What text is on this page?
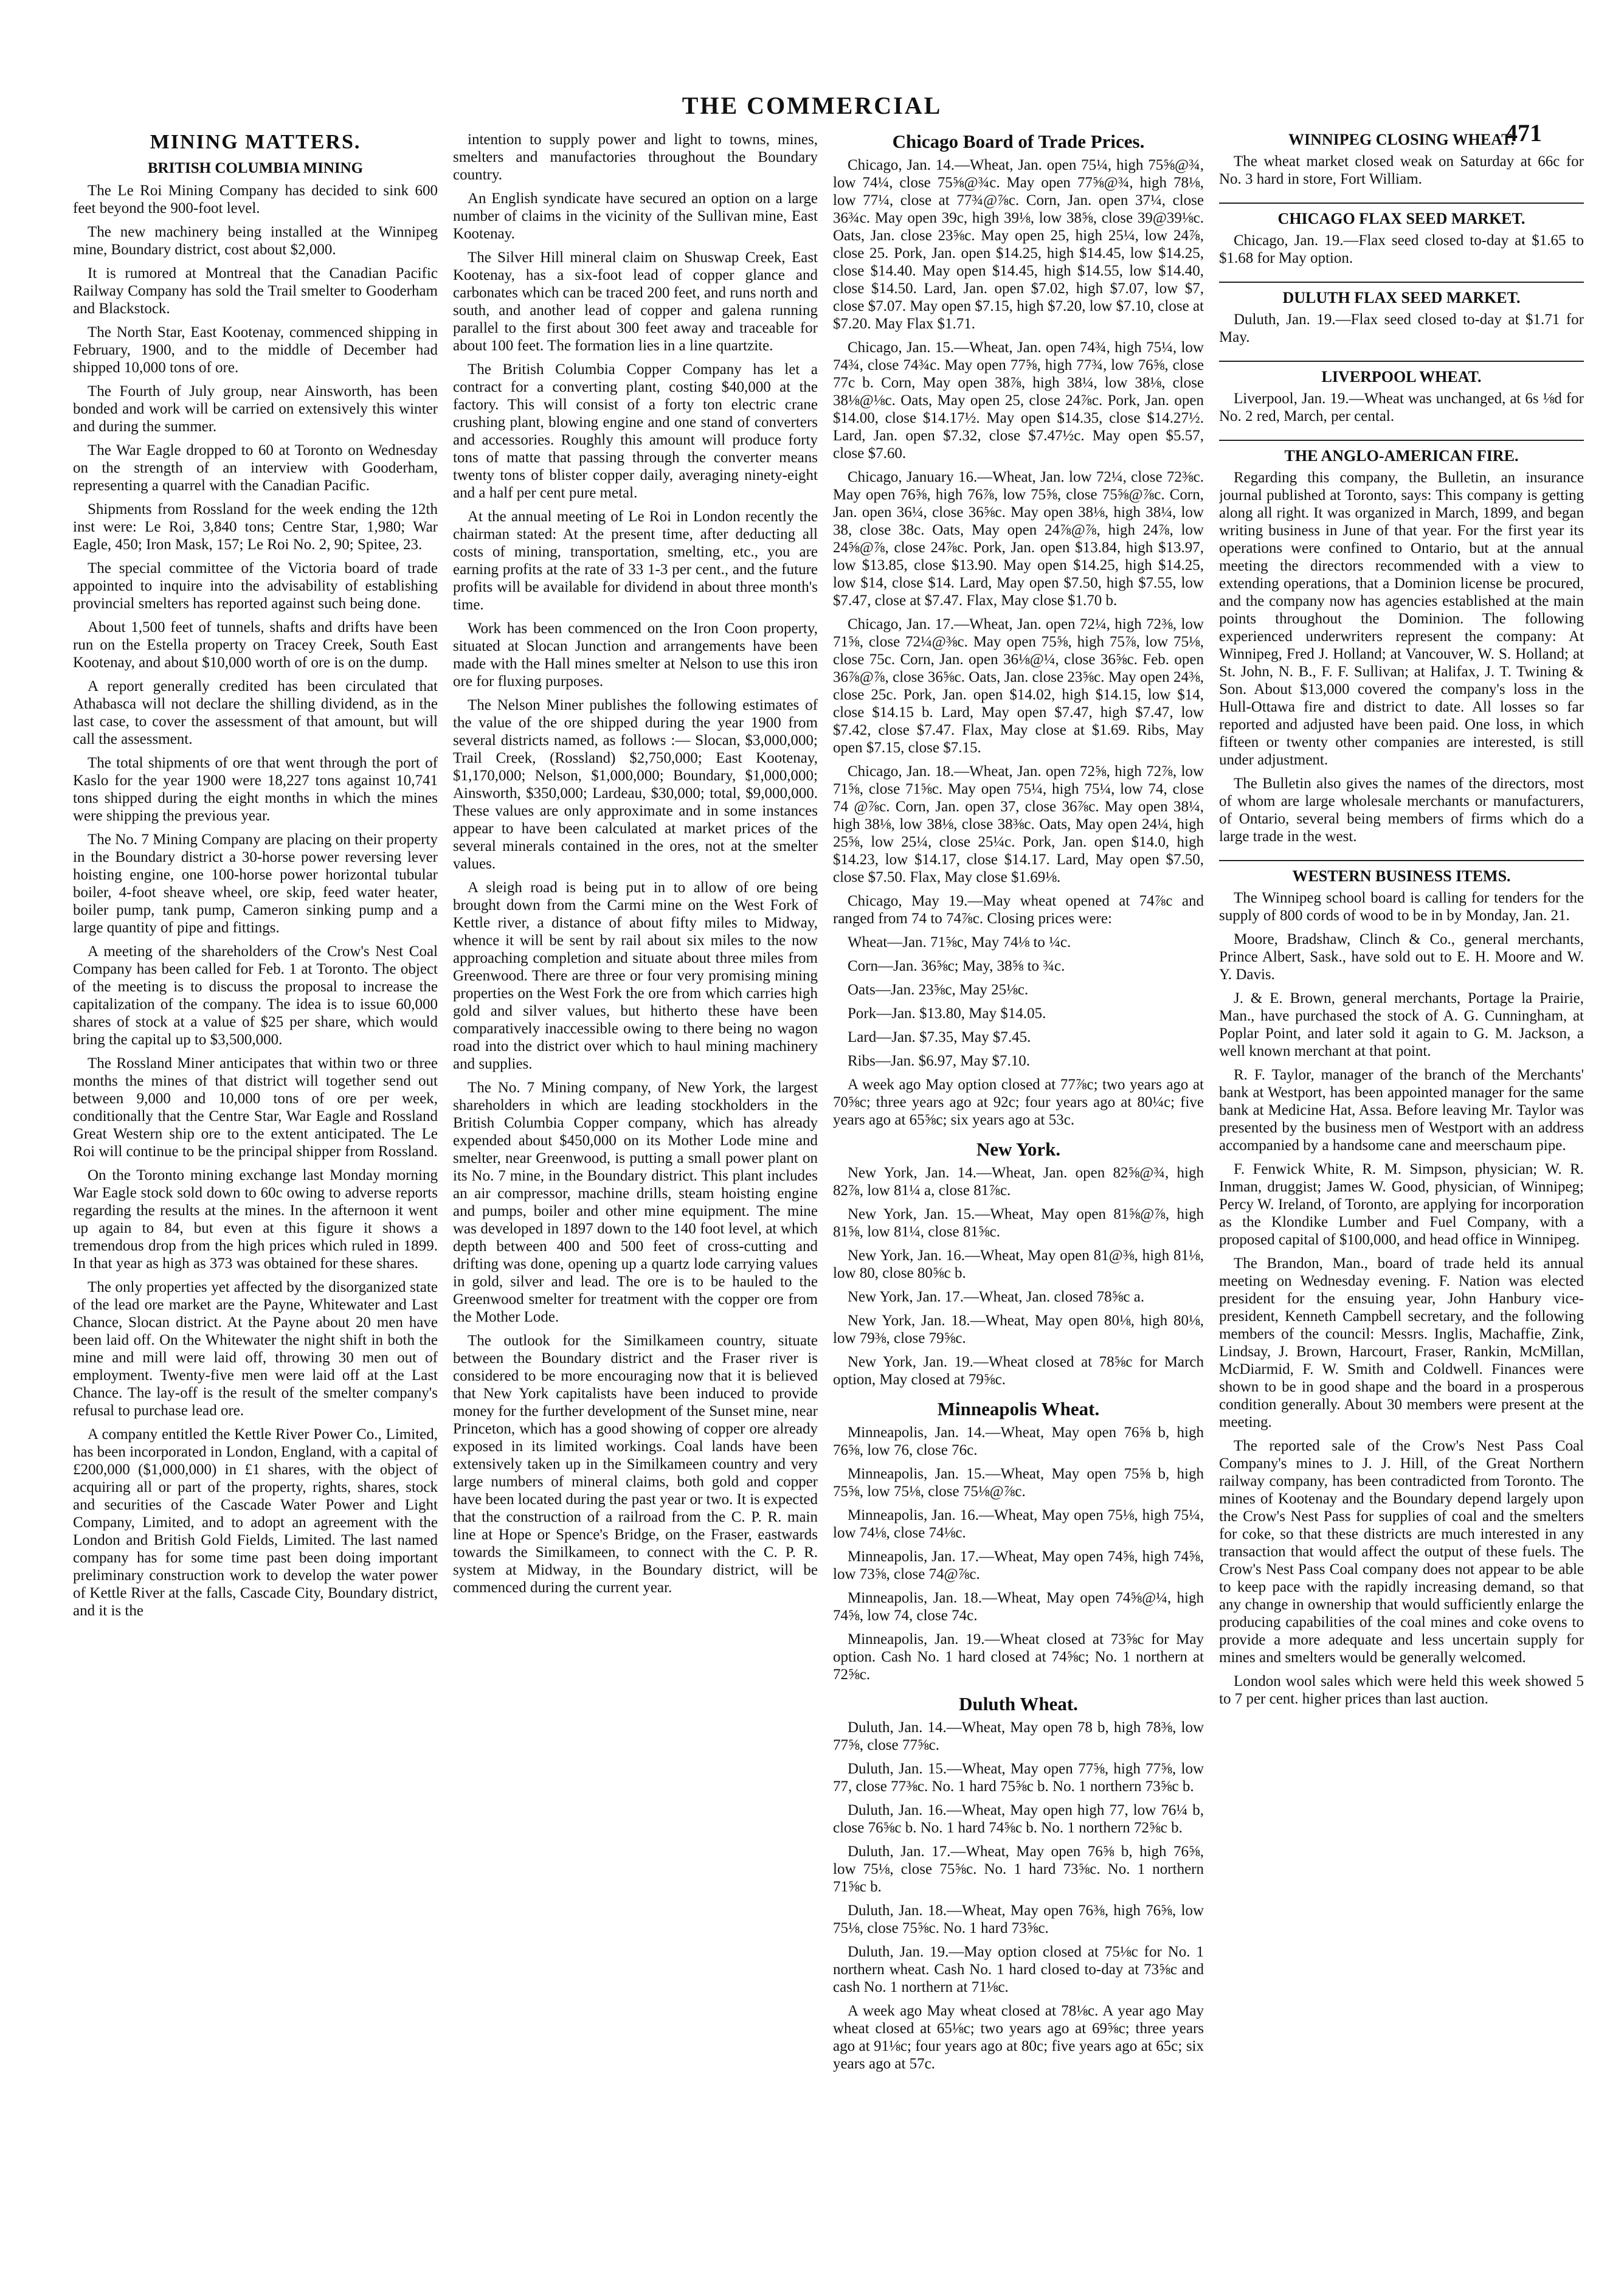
THE COMMERCIAL
471
MINING MATTERS.
BRITISH COLUMBIA MINING

The Le Roi Mining Company has decided to sink 600 feet beyond the 900-foot level.

The new machinery being installed at the Winnipeg mine, Boundary district, cost about $2,000.

It is rumored at Montreal that the Canadian Pacific Railway Company has sold the Trail smelter to Gooderham and Blackstock.

The North Star, East Kootenay, commenced shipping in February, 1900, and to the middle of December had shipped 10,000 tons of ore.

The Fourth of July group, near Ainsworth, has been bonded and work will be carried on extensively this winter and during the summer.

The War Eagle dropped to 60 at Toronto on Wednesday on the strength of an interview with Gooderham, representing a quarrel with the Canadian Pacific.

Shipments from Rossland for the week ending the 12th inst were: Le Roi, 3,840 tons; Centre Star, 1,980; War Eagle, 450; Iron Mask, 157; Le Roi No. 2, 90; Spitee, 23.

The special committee of the Victoria board of trade appointed to inquire into the advisability of establishing provincial smelters has reported against such being done.

About 1,500 feet of tunnels, shafts and drifts have been run on the Estella property on Tracey Creek, South East Kootenay, and about $10,000 worth of ore is on the dump.

A report generally credited has been circulated that Athabasca will not declare the shilling dividend, as in the last case, to cover the assessment of that amount, but will call the assessment.

The total shipments of ore that went through the port of Kaslo for the year 1900 were 18,227 tons against 10,741 tons shipped during the eight months in which the mines were shipping the previous year.

The No. 7 Mining Company are placing on their property in the Boundary district a 30-horse power reversing lever hoisting engine, one 100-horse power horizontal tubular boiler, 4-foot sheave wheel, ore skip, feed water heater, boiler pump, tank pump, Cameron sinking pump and a large quantity of pipe and fittings.

A meeting of the shareholders of the Crow's Nest Coal Company has been called for Feb. 1 at Toronto. The object of the meeting is to discuss the proposal to increase the capitalization of the company. The idea is to issue 60,000 shares of stock at a value of $25 per share, which would bring the capital up to $3,500,000.

The Rossland Miner anticipates that within two or three months the mines of that district will together send out between 9,000 and 10,000 tons of ore per week, conditionally that the Centre Star, War Eagle and Rossland Great Western ship ore to the extent anticipated. The Le Roi will continue to be the principal shipper from Rossland.

On the Toronto mining exchange last Monday morning War Eagle stock sold down to 60c owing to adverse reports regarding the results at the mines. In the afternoon it went up again to 84, but even at this figure it shows a tremendous drop from the high prices which ruled in 1899. In that year as high as 373 was obtained for these shares.

The only properties yet affected by the disorganized state of the lead ore market are the Payne, Whitewater and Last Chance, Slocan district. At the Payne about 20 men have been laid off. On the Whitewater the night shift in both the mine and mill were laid off, throwing 30 men out of employment. Twenty-five men were laid off at the Last Chance. The lay-off is the result of the smelter company's refusal to purchase lead ore.

A company entitled the Kettle River Power Co., Limited, has been incorporated in London, England, with a capital of £200,000 ($1,000,000) in £1 shares, with the object of acquiring all or part of the property, rights, shares, stock and securities of the Cascade Water Power and Light Company, Limited, and to adopt an agreement with the London and British Gold Fields, Limited. The last named company has for some time past been doing important preliminary construction work to develop the water power of Kettle River at the falls, Cascade City, Boundary district, and it is the

intention to supply power and light to towns, mines, smelters and manufactories throughout the Boundary country.

An English syndicate have secured an option on a large number of claims in the vicinity of the Sullivan mine, East Kootenay.

The Silver Hill mineral claim on Shuswap Creek, East Kootenay, has a six-foot lead of copper glance and carbonates which can be traced 200 feet, and runs north and south, and another lead of copper and galena running parallel to the first about 300 feet away and traceable for about 100 feet. The formation lies in a line quartzite.

The British Columbia Copper Company has let a contract for a converting plant, costing $40,000 at the factory. This will consist of a forty ton electric crane crushing plant, blowing engine and one stand of converters and accessories. Roughly this amount will produce forty tons of matte that passing through the converter means twenty tons of blister copper daily, averaging ninety-eight and a half per cent pure metal.

At the annual meeting of Le Roi in London recently the chairman stated: At the present time, after deducting all costs of mining, transportation, smelting, etc., you are earning profits at the rate of 33 1-3 per cent., and the future profits will be available for dividend in about three month's time.

Work has been commenced on the Iron Coon property, situated at Slocan Junction and arrangements have been made with the Hall mines smelter at Nelson to use this iron ore for fluxing purposes.

The Nelson Miner publishes the following estimates of the value of the ore shipped during the year 1900 from several districts named, as follows :— Slocan, $3,000,000; Trail Creek, (Rossland) $2,750,000; East Kootenay, $1,170,000; Nelson, $1,000,000; Boundary, $1,000,000; Ainsworth, $350,000; Lardeau, $30,000; total, $9,000,000. These values are only approximate and in some instances appear to have been calculated at market prices of the several minerals contained in the ores, not at the smelter values.

A sleigh road is being put in to allow of ore being brought down from the Carmi mine on the West Fork of Kettle river, a distance of about fifty miles to Midway, whence it will be sent by rail about six miles to the now approaching completion and situate about three miles from Greenwood. There are three or four very promising mining properties on the West Fork the ore from which carries high gold and silver values, but hitherto these have been comparatively inaccessible owing to there being no wagon road into the district over which to haul mining machinery and supplies.

The No. 7 Mining company, of New York, the largest shareholders in which are leading stockholders in the British Columbia Copper company, which has already expended about $450,000 on its Mother Lode mine and smelter, near Greenwood, is putting a small power plant on its No. 7 mine, in the Boundary district. This plant includes an air compressor, machine drills, steam hoisting engine and pumps, boiler and other mine equipment. The mine was developed in 1897 down to the 140 foot level, at which depth between 400 and 500 feet of cross-cutting and drifting was done, opening up a quartz lode carrying values in gold, silver and lead. The ore is to be hauled to the Greenwood smelter for treatment with the copper ore from the Mother Lode.

The outlook for the Similkameen country, situate between the Boundary district and the Fraser river is considered to be more encouraging now that it is believed that New York capitalists have been induced to provide money for the further development of the Sunset mine, near Princeton, which has a good showing of copper ore already exposed in its limited workings. Coal lands have been extensively taken up in the Similkameen country and very large numbers of mineral claims, both gold and copper have been located during the past year or two. It is expected that the construction of a railroad from the C. P. R. main line at Hope or Spence's Bridge, on the Fraser, eastwards towards the Similkameen, to connect with the C. P. R. system at Midway, in the Boundary district, will be commenced during the current year.

Chicago Board of Trade Prices.

Chicago, Jan. 14.—Wheat, Jan. open 75¼, high 75⅝@¾, low 74¼, close 75⅝@¾c. May open 77⅝@¾, high 78⅛, low 77¼, close at 77¾@⅞c. Corn, Jan. open 37¼, close 36¾c. May open 39c, high 39⅛, low 38⅝, close 39@39⅛c. Oats, Jan. close 23⅝c. May open 25, high 25¼, low 24⅞, close 25. Pork, Jan. open $14.25, high $14.45, low $14.25, close $14.40. May open $14.45, high $14.55, low $14.40, close $14.50. Lard, Jan. open $7.02, high $7.07, low $7, close $7.07. May open $7.15, high $7.20, low $7.10, close at $7.20. May Flax $1.71.

Chicago, Jan. 15.—Wheat, Jan. open 74¾, high 75¼, low 74¾, close 74¾c. May open 77⅝, high 77¾, low 76⅝, close 77c b. Corn, May open 38⅞, high 38¼, low 38⅛, close 38⅛@⅛c. Oats, May open 25, close 24⅞c. Pork, Jan. open $14.00, close $14.17½. May open $14.35, close $14.27½. Lard, Jan. open $7.32, close $7.47½c. May open $5.57, close $7.60.

Chicago, January 16.—Wheat, Jan. low 72¼, close 72⅜c. May open 76⅝, high 76⅞, low 75⅝, close 75⅝@⅞c. Corn, Jan. open 36¼, close 36⅝c. May open 38⅛, high 38¼, low 38, close 38c. Oats, May open 24⅞@⅞, high 24⅞, low 24⅝@⅞, close 24⅞c. Pork, Jan. open $13.84, high $13.97, low $13.85, close $13.90. May open $14.25, high $14.25, low $14, close $14. Lard, May open $7.50, high $7.55, low $7.47, close at $7.47. Flax, May close $1.70 b.

Chicago, Jan. 17.—Wheat, Jan. open 72¼, high 72⅜, low 71⅝, close 72¼@⅜c. May open 75⅝, high 75⅞, low 75⅛, close 75c. Corn, Jan. open 36⅛@¼, close 36⅝c. Feb. open 36⅞@⅞, close 36⅝c. Oats, Jan. close 23⅝c. May open 24⅜, close 25c. Pork, Jan. open $14.02, high $14.15, low $14, close $14.15 b. Lard, May open $7.47, high $7.47, low $7.42, close $7.47. Flax, May close at $1.69. Ribs, May open $7.15, close $7.15.

Chicago, Jan. 18.—Wheat, Jan. open 72⅝, high 72⅞, low 71⅝, close 71⅝c. May open 75¼, high 75¼, low 74, close 74 @⅞c. Corn, Jan. open 37, close 36⅞c. May open 38¼, high 38⅛, low 38⅛, close 38⅜c. Oats, May open 24¼, high 25⅝, low 25¼, close 25¼c. Pork, Jan. open $14.0, high $14.23, low $14.17, close $14.17. Lard, May open $7.50, close $7.50. Flax, May close $1.69⅛.

Chicago, May 19.—May wheat opened at 74⅞c and ranged from 74 to 74⅞c. Closing prices were:

Wheat—Jan. 71⅝c, May 74⅛ to ¼c.

Corn—Jan. 36⅝c; May, 38⅝ to ¾c.

Oats—Jan. 23⅝c, May 25⅛c.

Pork—Jan. $13.80, May $14.05.

Lard—Jan. $7.35, May $7.45.

Ribs—Jan. $6.97, May $7.10.

A week ago May option closed at 77⅞c; two years ago at 70⅝c; three years ago at 92c; four years ago at 80¼c; five years ago at 65⅝c; six years ago at 53c.

New York.

New York, Jan. 14.—Wheat, Jan. open 82⅝@¾, high 82⅞, low 81¼ a, close 81⅞c.

New York, Jan. 15.—Wheat, May open 81⅝@⅞, high 81⅝, low 81¼, close 81⅝c.

New York, Jan. 16.—Wheat, May open 81@⅜, high 81⅛, low 80, close 80⅝c b.

New York, Jan. 17.—Wheat, Jan. closed 78⅝c a.

New York, Jan. 18.—Wheat, May open 80⅛, high 80⅛, low 79⅜, close 79⅝c.

New York, Jan. 19.—Wheat closed at 78⅝c for March option, May closed at 79⅝c.

Minneapolis Wheat.

Minneapolis, Jan. 14.—Wheat, May open 76⅝ b, high 76⅝, low 76, close 76c.

Minneapolis, Jan. 15.—Wheat, May open 75⅝ b, high 75⅝, low 75⅛, close 75⅛@⅞c.

Minneapolis, Jan. 16.—Wheat, May open 75⅛, high 75¼, low 74⅛, close 74⅛c.

Minneapolis, Jan. 17.—Wheat, May open 74⅝, high 74⅝, low 73⅝, close 74@⅞c.

Minneapolis, Jan. 18.—Wheat, May open 74⅝@¼, high 74⅝, low 74, close 74c.

Minneapolis, Jan. 19.—Wheat closed at 73⅝c for May option. Cash No. 1 hard closed at 74⅝c; No. 1 northern at 72⅝c.

Duluth Wheat.

Duluth, Jan. 14.—Wheat, May open 78 b, high 78⅜, low 77⅝, close 77⅝c.

Duluth, Jan. 15.—Wheat, May open 77⅝, high 77⅝, low 77, close 77⅜c. No. 1 hard 75⅝c b. No. 1 northern 73⅝c b.

Duluth, Jan. 16.—Wheat, May open high 77, low 76¼ b, close 76⅝c b. No. 1 hard 74⅝c b. No. 1 northern 72⅝c b.

Duluth, Jan. 17.—Wheat, May open 76⅝ b, high 76⅝, low 75⅛, close 75⅝c. No. 1 hard 73⅝c. No. 1 northern 71⅝c b.

Duluth, Jan. 18.—Wheat, May open 76⅜, high 76⅝, low 75⅛, close 75⅝c. No. 1 hard 73⅝c.

Duluth, Jan. 19.—May option closed at 75⅛c for No. 1 northern wheat. Cash No. 1 hard closed to-day at 73⅝c and cash No. 1 northern at 71⅛c.

A week ago May wheat closed at 78⅛c. A year ago May wheat closed at 65⅛c; two years ago at 69⅝c; three years ago at 91⅛c; four years ago at 80c; five years ago at 65c; six years ago at 57c.

WINNIPEG CLOSING WHEAT.

The wheat market closed weak on Saturday at 66c for No. 3 hard in store, Fort William.

CHICAGO FLAX SEED MARKET.

Chicago, Jan. 19.—Flax seed closed to-day at $1.65 to $1.68 for May option.

DULUTH FLAX SEED MARKET.

Duluth, Jan. 19.—Flax seed closed to-day at $1.71 for May.

LIVERPOOL WHEAT.

Liverpool, Jan. 19.—Wheat was unchanged, at 6s ⅛d for No. 2 red, March, per cental.

THE ANGLO-AMERICAN FIRE.

Regarding this company, the Bulletin, an insurance journal published at Toronto, says: This company is getting along all right. It was organized in March, 1899, and began writing business in June of that year. For the first year its operations were confined to Ontario, but at the annual meeting the directors recommended with a view to extending operations, that a Dominion license be procured, and the company now has agencies established at the main points throughout the Dominion. The following experienced underwriters represent the company: At Winnipeg, Fred J. Holland; at Vancouver, W. S. Holland; at St. John, N. B., F. F. Sullivan; at Halifax, J. T. Twining & Son. About $13,000 covered the company's loss in the Hull-Ottawa fire and district to date. All losses so far reported and adjusted have been paid. One loss, in which fifteen or twenty other companies are interested, is still under adjustment.

The Bulletin also gives the names of the directors, most of whom are large wholesale merchants or manufacturers, of Ontario, several being members of firms which do a large trade in the west.

WESTERN BUSINESS ITEMS.

The Winnipeg school board is calling for tenders for the supply of 800 cords of wood to be in by Monday, Jan. 21.

Moore, Bradshaw, Clinch & Co., general merchants, Prince Albert, Sask., have sold out to E. H. Moore and W. Y. Davis.

J. & E. Brown, general merchants, Portage la Prairie, Man., have purchased the stock of A. G. Cunningham, at Poplar Point, and later sold it again to G. M. Jackson, a well known merchant at that point.

R. F. Taylor, manager of the branch of the Merchants' bank at Westport, has been appointed manager for the same bank at Medicine Hat, Assa. Before leaving Mr. Taylor was presented by the business men of Westport with an address accompanied by a handsome cane and meerschaum pipe.

F. Fenwick White, R. M. Simpson, physician; W. R. Inman, druggist; James W. Good, physician, of Winnipeg; Percy W. Ireland, of Toronto, are applying for incorporation as the Klondike Lumber and Fuel Company, with a proposed capital of $100,000, and head office in Winnipeg.

The Brandon, Man., board of trade held its annual meeting on Wednesday evening. F. Nation was elected president for the ensuing year, John Hanbury vice-president, Kenneth Campbell secretary, and the following members of the council: Messrs. Inglis, Machaffie, Zink, Lindsay, J. Brown, Harcourt, Fraser, Rankin, McMillan, McDiarmid, F. W. Smith and Coldwell. Finances were shown to be in good shape and the board in a prosperous condition generally. About 30 members were present at the meeting.

The reported sale of the Crow's Nest Pass Coal Company's mines to J. J. Hill, of the Great Northern railway company, has been contradicted from Toronto. The mines of Kootenay and the Boundary depend largely upon the Crow's Nest Pass for supplies of coal and the smelters for coke, so that these districts are much interested in any transaction that would affect the output of these fuels. The Crow's Nest Pass Coal company does not appear to be able to keep pace with the rapidly increasing demand, so that any change in ownership that would sufficiently enlarge the producing capabilities of the coal mines and coke ovens to provide a more adequate and less uncertain supply for mines and smelters would be generally welcomed.

London wool sales which were held this week showed 5 to 7 per cent. higher prices than last auction.
